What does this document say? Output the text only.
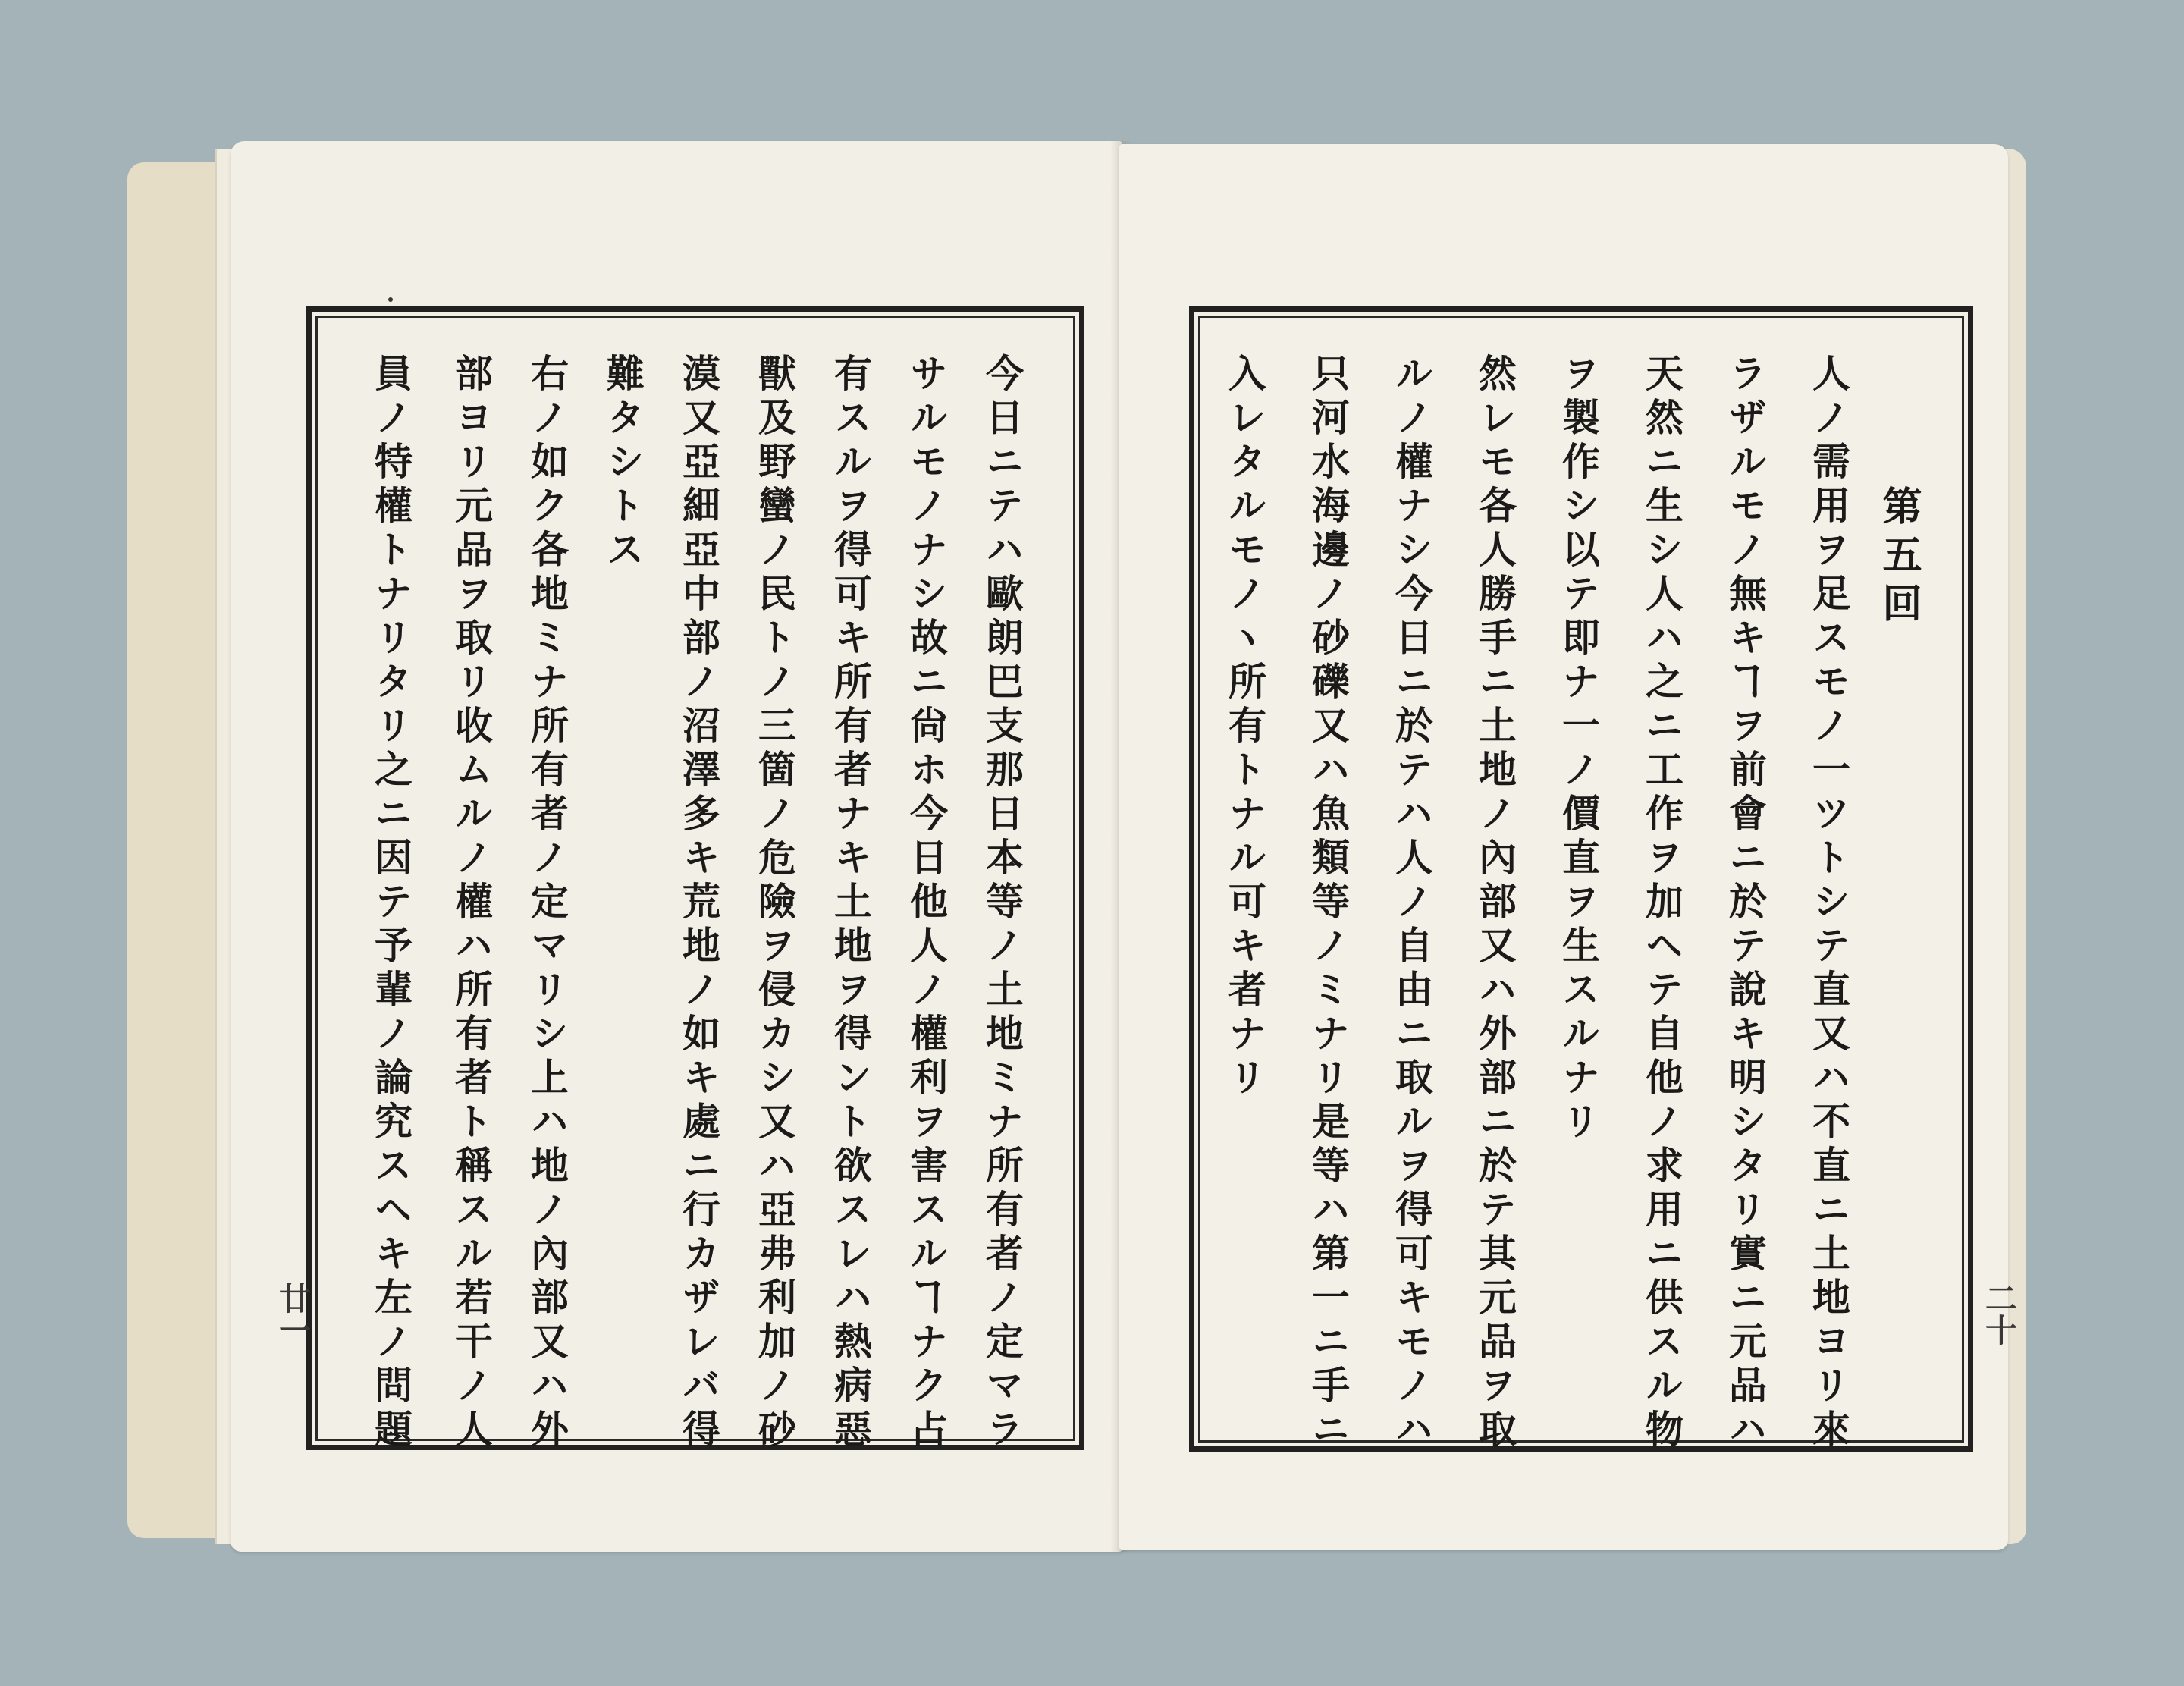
今日ニテハ歐朗巴支那日本等ノ土地ミナ所有者ノ定マラ
サルモノナシ故ニ尙ホ今日他人ノ權利ヲ害スルヿナク占
有スルヲ得可キ所有者ナキ土地ヲ得ント欲スレハ熱病惡
獸及野蠻ノ民トノ三箇ノ危險ヲ侵カシ又ハ亞弗利加ノ砂
漠又亞細亞中部ノ沼澤多キ荒地ノ如キ處ニ行カザレバ得
難タシトス
右ノ如ク各地ミナ所有者ノ定マリシ上ハ地ノ內部又ハ外
部ヨリ元品ヲ取リ收ムルノ權ハ所有者ト稱スル若干ノ人
員ノ特權トナリタリ之ニ因テ予輩ノ論究スヘキ左ノ問題
廿一
第五回
人ノ需用ヲ足スモノ一ツトシテ直又ハ不直ニ土地ヨリ來
ラザルモノ無キヿヲ前會ニ於テ說キ明シタリ實ニ元品ハ
天然ニ生シ人ハ之ニ工作ヲ加ヘテ自他ノ求用ニ供スル物
ヲ製作シ以テ即ナ一ノ價直ヲ生スルナリ
然レモ各人勝手ニ土地ノ內部又ハ外部ニ於テ其元品ヲ取
ルノ權ナシ今日ニ於テハ人ノ自由ニ取ルヲ得可キモノハ
只河水海邊ノ砂礫又ハ魚類等ノミナリ是等ハ第一ニ手ニ
入レタルモノヽ所有トナル可キ者ナリ
二十
